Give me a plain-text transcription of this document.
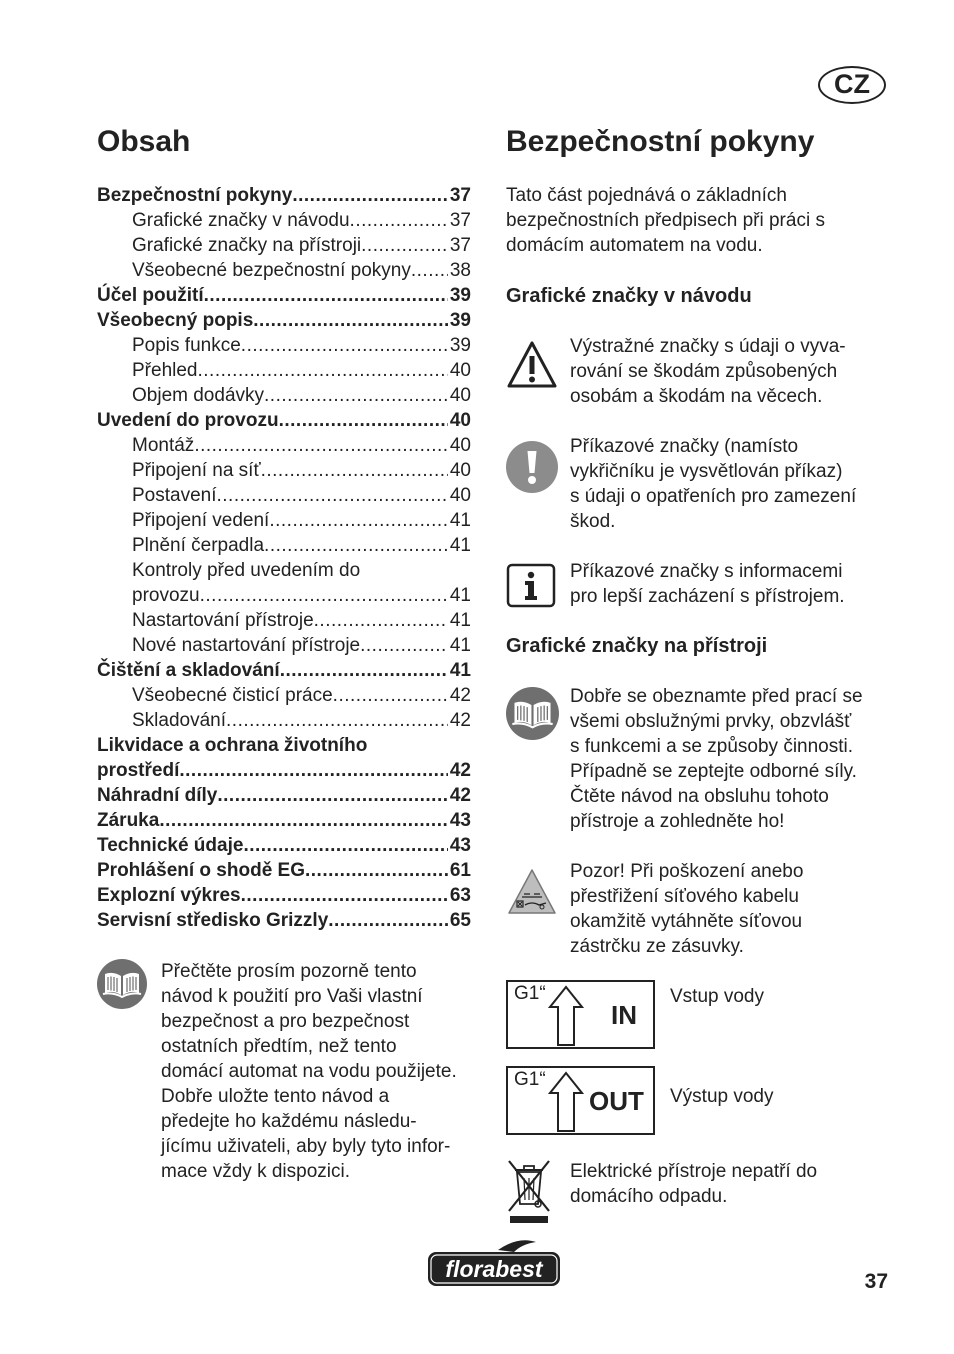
CZ
Obsah
Bezpečnostní pokyny .....	37
Grafické značky v návodu .....	37
Grafické značky na přístroji .....	37
Všeobecné bezpečnostní pokyny ..... 38
Účel použití .....	39
Všeobecný popis .....	39
Popis funkce .....	39
Přehled .....	40
Objem dodávky .....	40
Uvedení do provozu .....	40
Montáž .....	40
Připojení na síť .....	40
Postavení .....	40
Připojení vedení .....	41
Plnění čerpadla .....	41
Kontroly před uvedením do
provozu .....	41
Nastartování přístroje .....	41
Nové nastartování přístroje .....	41
Čištění a skladování .....	41
Všeobecné čisticí práce .....	42
Skladování .....	42
Likvidace a ochrana životního
prostředí .....	42
Náhradní díly .....	42
Záruka .....	43
Technické údaje .....	43
Prohlášení o shodě EG .....	61
Explozní výkres .....	63
Servisní středisko Grizzly .....	65
Přečtěte prosím pozorně tento
návod k použití pro Vaši vlastní
bezpečnost a pro bezpečnost
ostatních předtím, než tento
domácí automat na vodu použijete.
Dobře uložte tento návod a
předejte ho každému následu-
jícímu uživateli, aby byly tyto infor-
mace vždy k dispozici.
Bezpečnostní pokyny
Tato část pojednává o základních
bezpečnostních předpisech při práci s
domácím automatem na vodu.
Grafické značky v návodu
Výstražné značky s údaji o vyva-
rování se škodám způsobených
osobám a škodám na věcech.
Příkazové značky (namísto
vykřičníku je vysvětlován příkaz)
s údaji o opatřeních pro zamezení
škod.
Příkazové značky s informacemi
pro lepší zacházení s přístrojem.
Grafické značky na přístroji
Dobře se obeznamte před prací se
všemi obslužnými prvky, obzvlášť
s funkcemi a se způsoby činnosti.
Případně se zeptejte odborné síly.
Čtěte návod na obsluhu tohoto
přístroje a zohledněte ho!
Pozor! Při poškození anebo
přestřižení síťového kabelu
okamžitě vytáhněte síťovou
zástrčku ze zásuvky.
G1“
IN
Vstup vody
G1“
OUT Výstup vody
Elektrické přístroje nepatří do
domácího odpadu.
florabest	37
